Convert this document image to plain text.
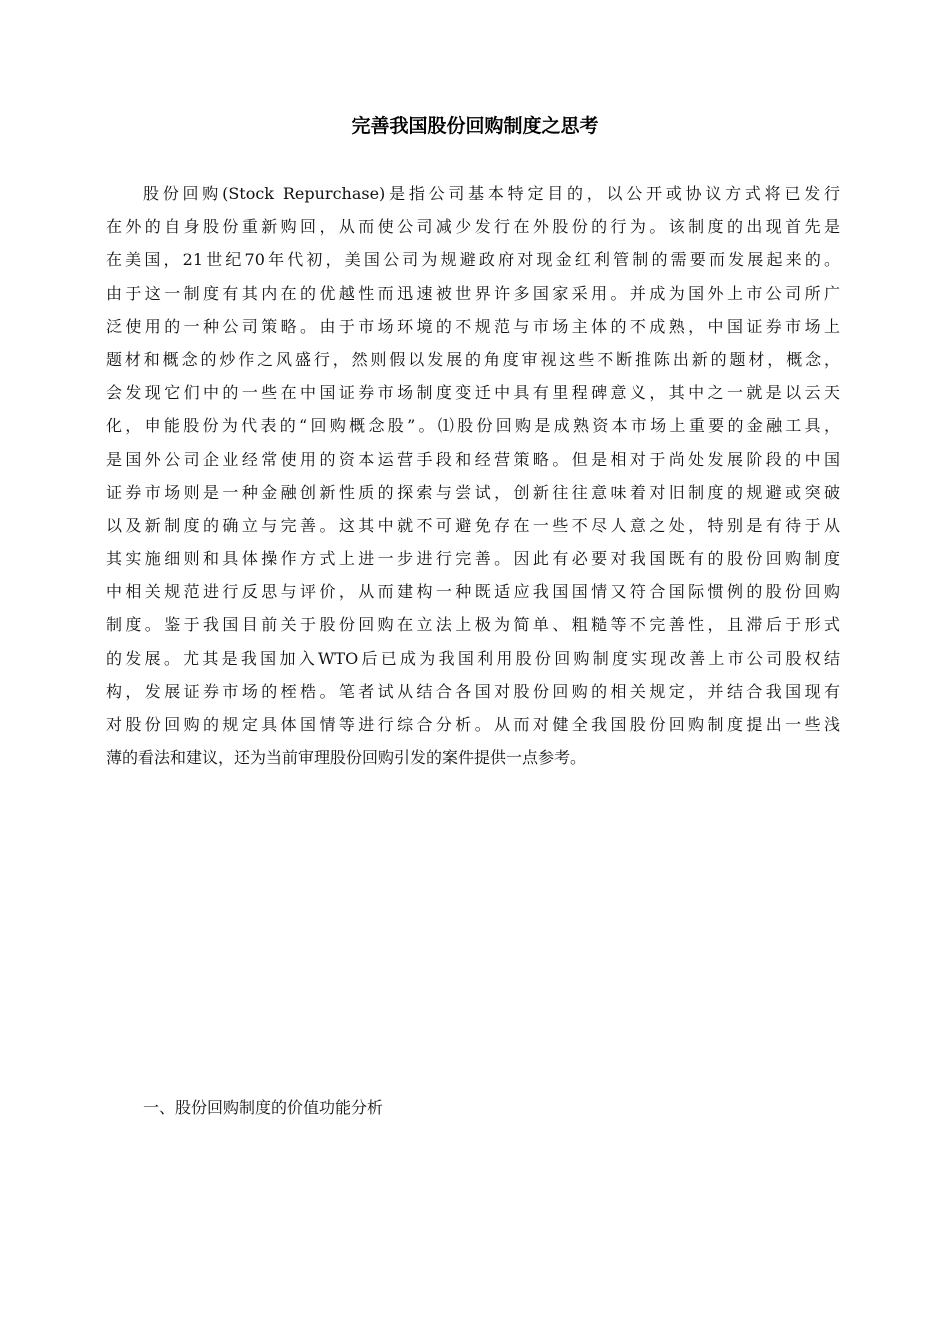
完善我国股份回购制度之思考
股份回购(Stock Repurchase)是指公司基本特定目的，以公开或协议方式将已发行
在外的自身股份重新购回，从而使公司减少发行在外股份的行为。该制度的出现首先是
在美国，21世纪70年代初，美国公司为规避政府对现金红利管制的需要而发展起来的。
由于这一制度有其内在的优越性而迅速被世界许多国家采用。并成为国外上市公司所广
泛使用的一种公司策略。由于市场环境的不规范与市场主体的不成熟，中国证券市场上
题材和概念的炒作之风盛行，然则假以发展的角度审视这些不断推陈出新的题材，概念，
会发现它们中的一些在中国证券市场制度变迁中具有里程碑意义，其中之一就是以云天
化，申能股份为代表的“回购概念股”。⑴股份回购是成熟资本市场上重要的金融工具，
是国外公司企业经常使用的资本运营手段和经营策略。但是相对于尚处发展阶段的中国
证券市场则是一种金融创新性质的探索与尝试，创新往往意味着对旧制度的规避或突破
以及新制度的确立与完善。这其中就不可避免存在一些不尽人意之处，特别是有待于从
其实施细则和具体操作方式上进一步进行完善。因此有必要对我国既有的股份回购制度
中相关规范进行反思与评价，从而建构一种既适应我国国情又符合国际惯例的股份回购
制度。鉴于我国目前关于股份回购在立法上极为简单、粗糙等不完善性，且滞后于形式
的发展。尤其是我国加入WTO后已成为我国利用股份回购制度实现改善上市公司股权结
构，发展证券市场的桎梏。笔者试从结合各国对股份回购的相关规定，并结合我国现有
对股份回购的规定具体国情等进行综合分析。从而对健全我国股份回购制度提出一些浅
薄的看法和建议，还为当前审理股份回购引发的案件提供一点参考。
一、股份回购制度的价值功能分析
